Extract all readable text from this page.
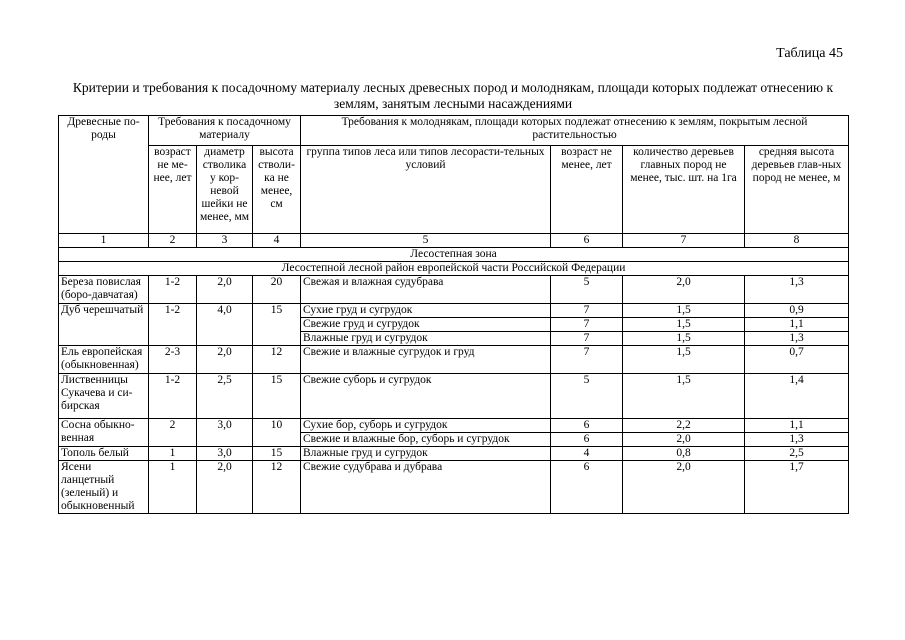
Таблица 45
Критерии и требования к посадочному материалу лесных древесных пород и молоднякам, площади которых подлежат отнесению к землям, занятым лесными насаждениями
Древесные по-роды	Требования к посадочному материалу			Требования к молоднякам, площади которых подлежат отнесению к землям, покрытым лесной растительностью			
	возраст не ме-нее, лет	диаметр стволика у кор-невой шейки не менее, мм	высота стволи-ка не менее, см	группа типов леса или типов лесорасти-тельных условий	возраст не менее, лет	количество деревьев главных пород не менее, тыс. шт. на 1га	средняя высота деревьев глав-ных пород не менее, м
1	2	3	4	5	6	7	8
Лесостепная зона							
Лесостепной лесной район европейской части Российской Федерации							
Береза повислая (боро-давчатая)	1-2	2,0	20	Свежая и влажная судубрава	5	2,0	1,3
Дуб черешчатый	1-2	4,0	15	Сухие груд и сугрудок	7	1,5	0,9
				Свежие груд и сугрудок	7	1,5	1,1
				Влажные груд и сугрудок	7	1,5	1,3
Ель европейская (обыкновенная)	2-3	2,0	12	Свежие и влажные сугрудок и груд	7	1,5	0,7
Лиственницы Сукачева и си-бирская	1-2	2,5	15	Свежие суборь и сугрудок	5	1,5	1,4
Сосна обыкно-венная	2	3,0	10	Сухие бор, суборь и сугрудок	6	2,2	1,1
				Свежие и влажные бор, суборь и сугрудок	6	2,0	1,3
Тополь белый	1	3,0	15	Влажные груд и сугрудок	4	0,8	2,5
Ясени ланцетный (зеленый) и обыкновенный	1	2,0	12	Свежие судубрава и дубрава	6	2,0	1,7
